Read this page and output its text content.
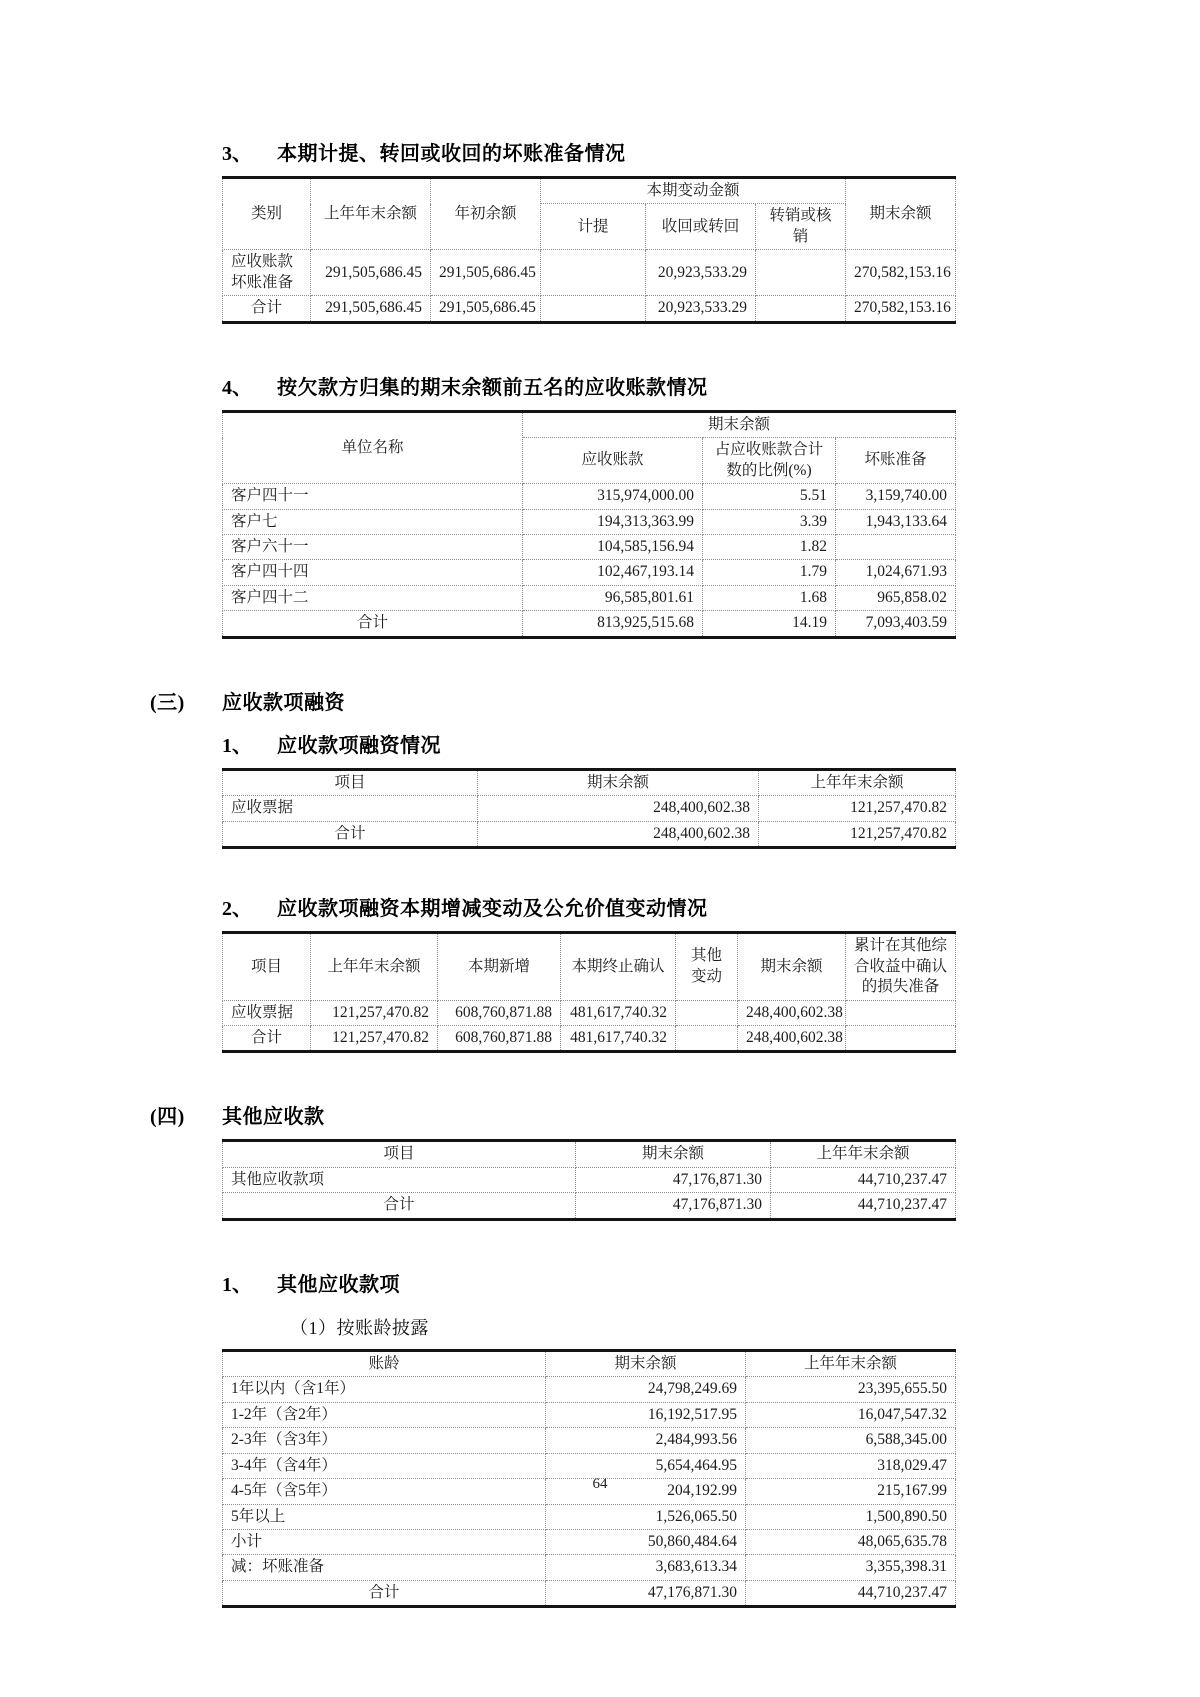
3、	本期计提、转回或收回的坏账准备情况
类别	上年年末余额	年初余额	本期变动金额			期末余额
			计提	收回或转回	转销或核销	
应收账款坏账准备	291,505,686.45	291,505,686.45		20,923,533.29		270,582,153.16
合计	291,505,686.45	291,505,686.45		20,923,533.29		270,582,153.16
4、	按欠款方归集的期末余额前五名的应收账款情况
单位名称	期末余额		
	应收账款	占应收账款合计数的比例(%)	坏账准备
客户四十一	315,974,000.00	5.51	3,159,740.00
客户七	194,313,363.99	3.39	1,943,133.64
客户六十一	104,585,156.94	1.82	
客户四十四	102,467,193.14	1.79	1,024,671.93
客户四十二	96,585,801.61	1.68	965,858.02
合计	813,925,515.68	14.19	7,093,403.59
(三)	应收款项融资
1、	应收款项融资情况
项目	期末余额	上年年末余额
应收票据	248,400,602.38	121,257,470.82
合计	248,400,602.38	121,257,470.82
2、	应收款项融资本期增减变动及公允价值变动情况
项目	上年年末余额	本期新增	本期终止确认	其他变动	期末余额	累计在其他综合收益中确认的损失准备
应收票据	121,257,470.82	608,760,871.88	481,617,740.32		248,400,602.38	
合计	121,257,470.82	608,760,871.88	481,617,740.32		248,400,602.38	
(四)	其他应收款
项目	期末余额	上年年末余额
其他应收款项	47,176,871.30	44,710,237.47
合计	47,176,871.30	44,710,237.47
1、	其他应收款项
（1）按账龄披露
账龄	期末余额	上年年末余额
1年以内（含1年）	24,798,249.69	23,395,655.50
1-2年（含2年）	16,192,517.95	16,047,547.32
2-3年（含3年）	2,484,993.56	6,588,345.00
3-4年（含4年）	5,654,464.95	318,029.47
4-5年（含5年）	204,192.99	215,167.99
5年以上	1,526,065.50	1,500,890.50
小计	50,860,484.64	48,065,635.78
减：坏账准备	3,683,613.34	3,355,398.31
合计	47,176,871.30	44,710,237.47
64
